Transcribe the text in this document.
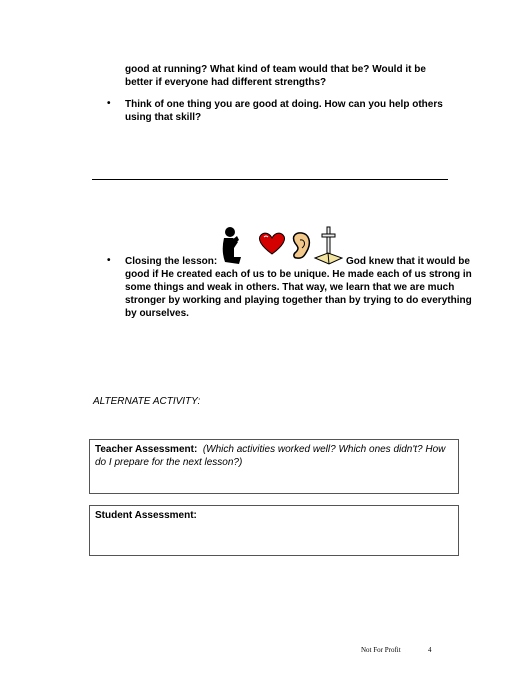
good at running? What kind of team would that be? Would it be better if everyone had different strengths?
• Think of one thing you are good at doing. How can you help others using that skill?
• Closing the lesson:	God knew that it would be good if He created each of us to be unique. He made each of us strong in some things and weak in others. That way, we learn that we are much stronger by working and playing together than by trying to do everything by ourselves.
ALTERNATE ACTIVITY:
Teacher Assessment: (Which activities worked well? Which ones didn't? How do I prepare for the next lesson?)
Student Assessment:
Not For Profit	4
